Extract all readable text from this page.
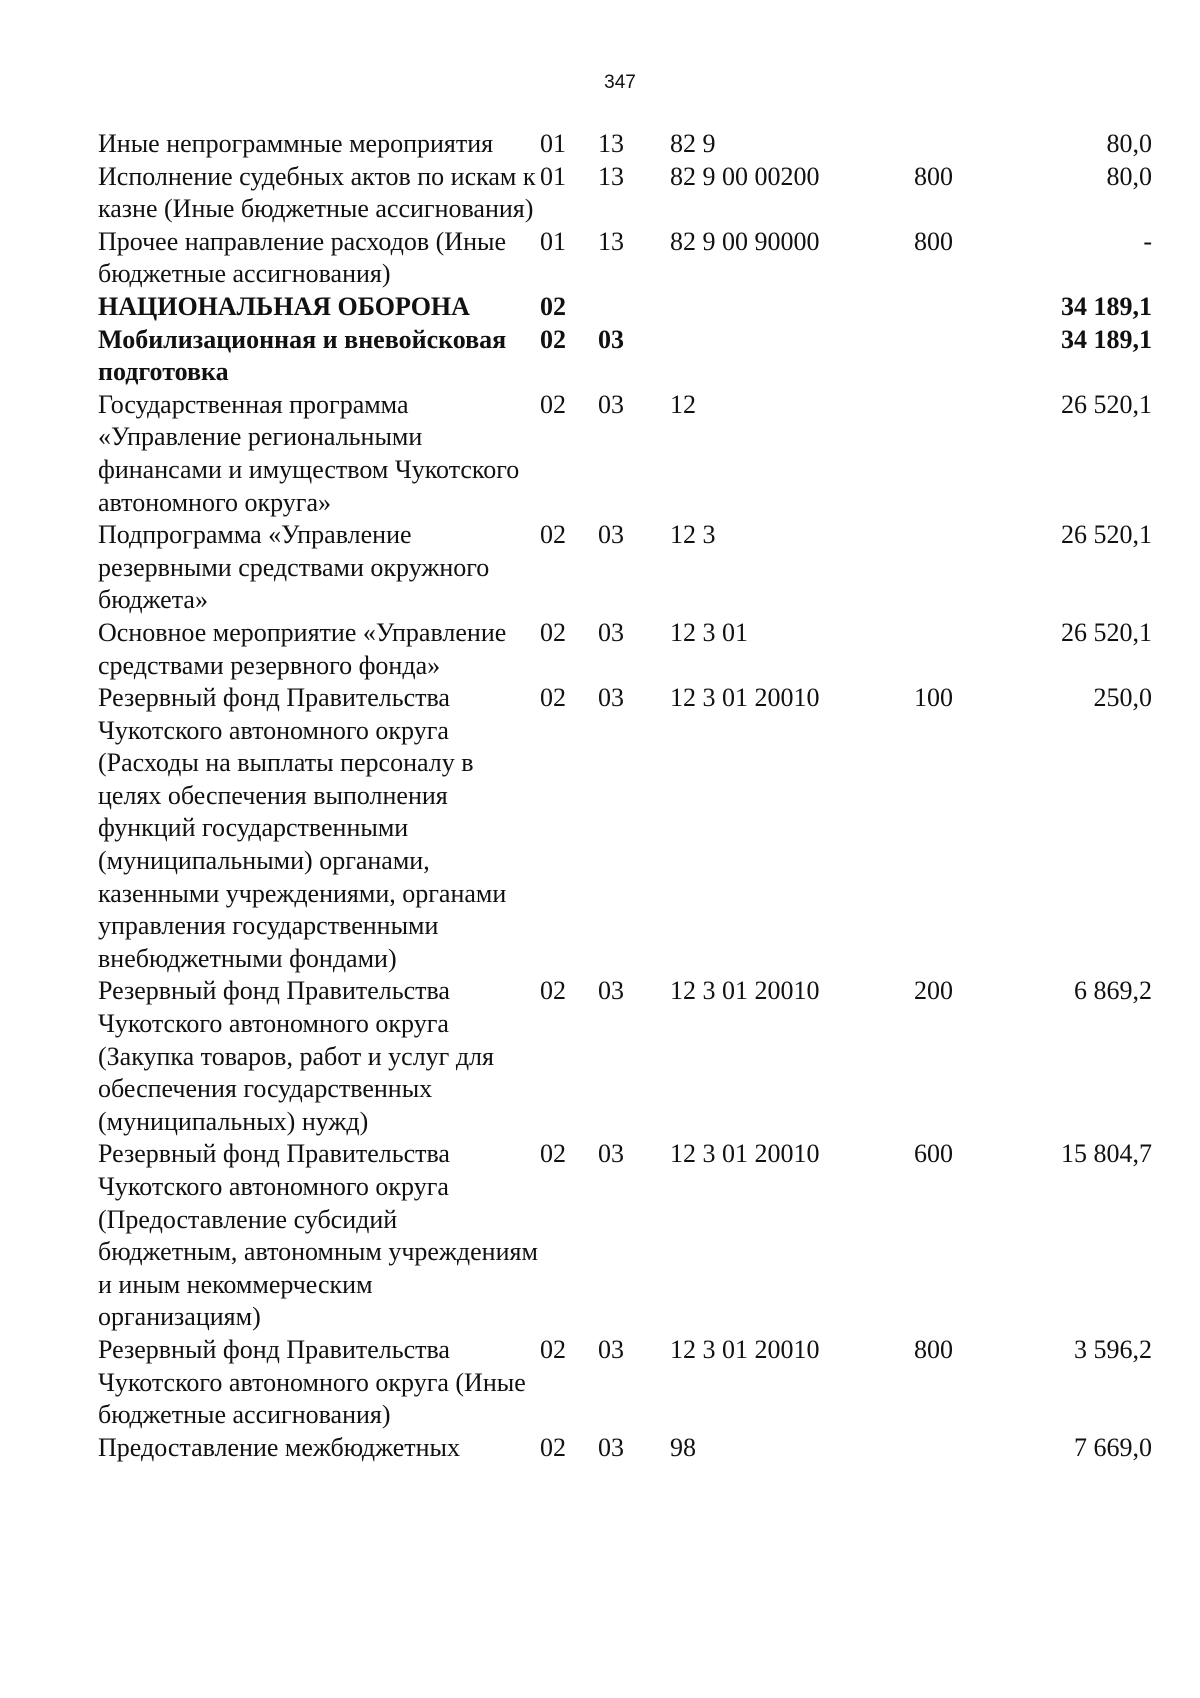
347
Иные непрограммные мероприятия	01	13	82 9		80,0
Исполнение судебных актов по искам к казне (Иные бюджетные ассигнования)	01	13	82 9 00 00200	800	80,0
Прочее направление расходов (Иные бюджетные ассигнования)	01	13	82 9 00 90000	800	-
НАЦИОНАЛЬНАЯ ОБОРОНА	02				34 189,1
Мобилизационная и вневойсковая подготовка	02	03			34 189,1
Государственная программа «Управление региональными финансами и имуществом Чукотского автономного округа»	02	03	12		26 520,1
Подпрограмма «Управление резервными средствами окружного бюджета»	02	03	12 3		26 520,1
Основное мероприятие «Управление средствами резервного фонда»	02	03	12 3 01		26 520,1
Резервный фонд Правительства Чукотского автономного округа (Расходы на выплаты персоналу в целях обеспечения выполнения функций государственными (муниципальными) органами, казенными учреждениями, органами управления государственными внебюджетными фондами)	02	03	12 3 01 20010	100	250,0
Резервный фонд Правительства Чукотского автономного округа (Закупка товаров, работ и услуг для обеспечения государственных (муниципальных) нужд)	02	03	12 3 01 20010	200	6 869,2
Резервный фонд Правительства Чукотского автономного округа (Предоставление субсидий бюджетным, автономным учреждениям и иным некоммерческим организациям)	02	03	12 3 01 20010	600	15 804,7
Резервный фонд Правительства Чукотского автономного округа (Иные бюджетные ассигнования)	02	03	12 3 01 20010	800	3 596,2
Предоставление межбюджетных	02	03	98		7 669,0
